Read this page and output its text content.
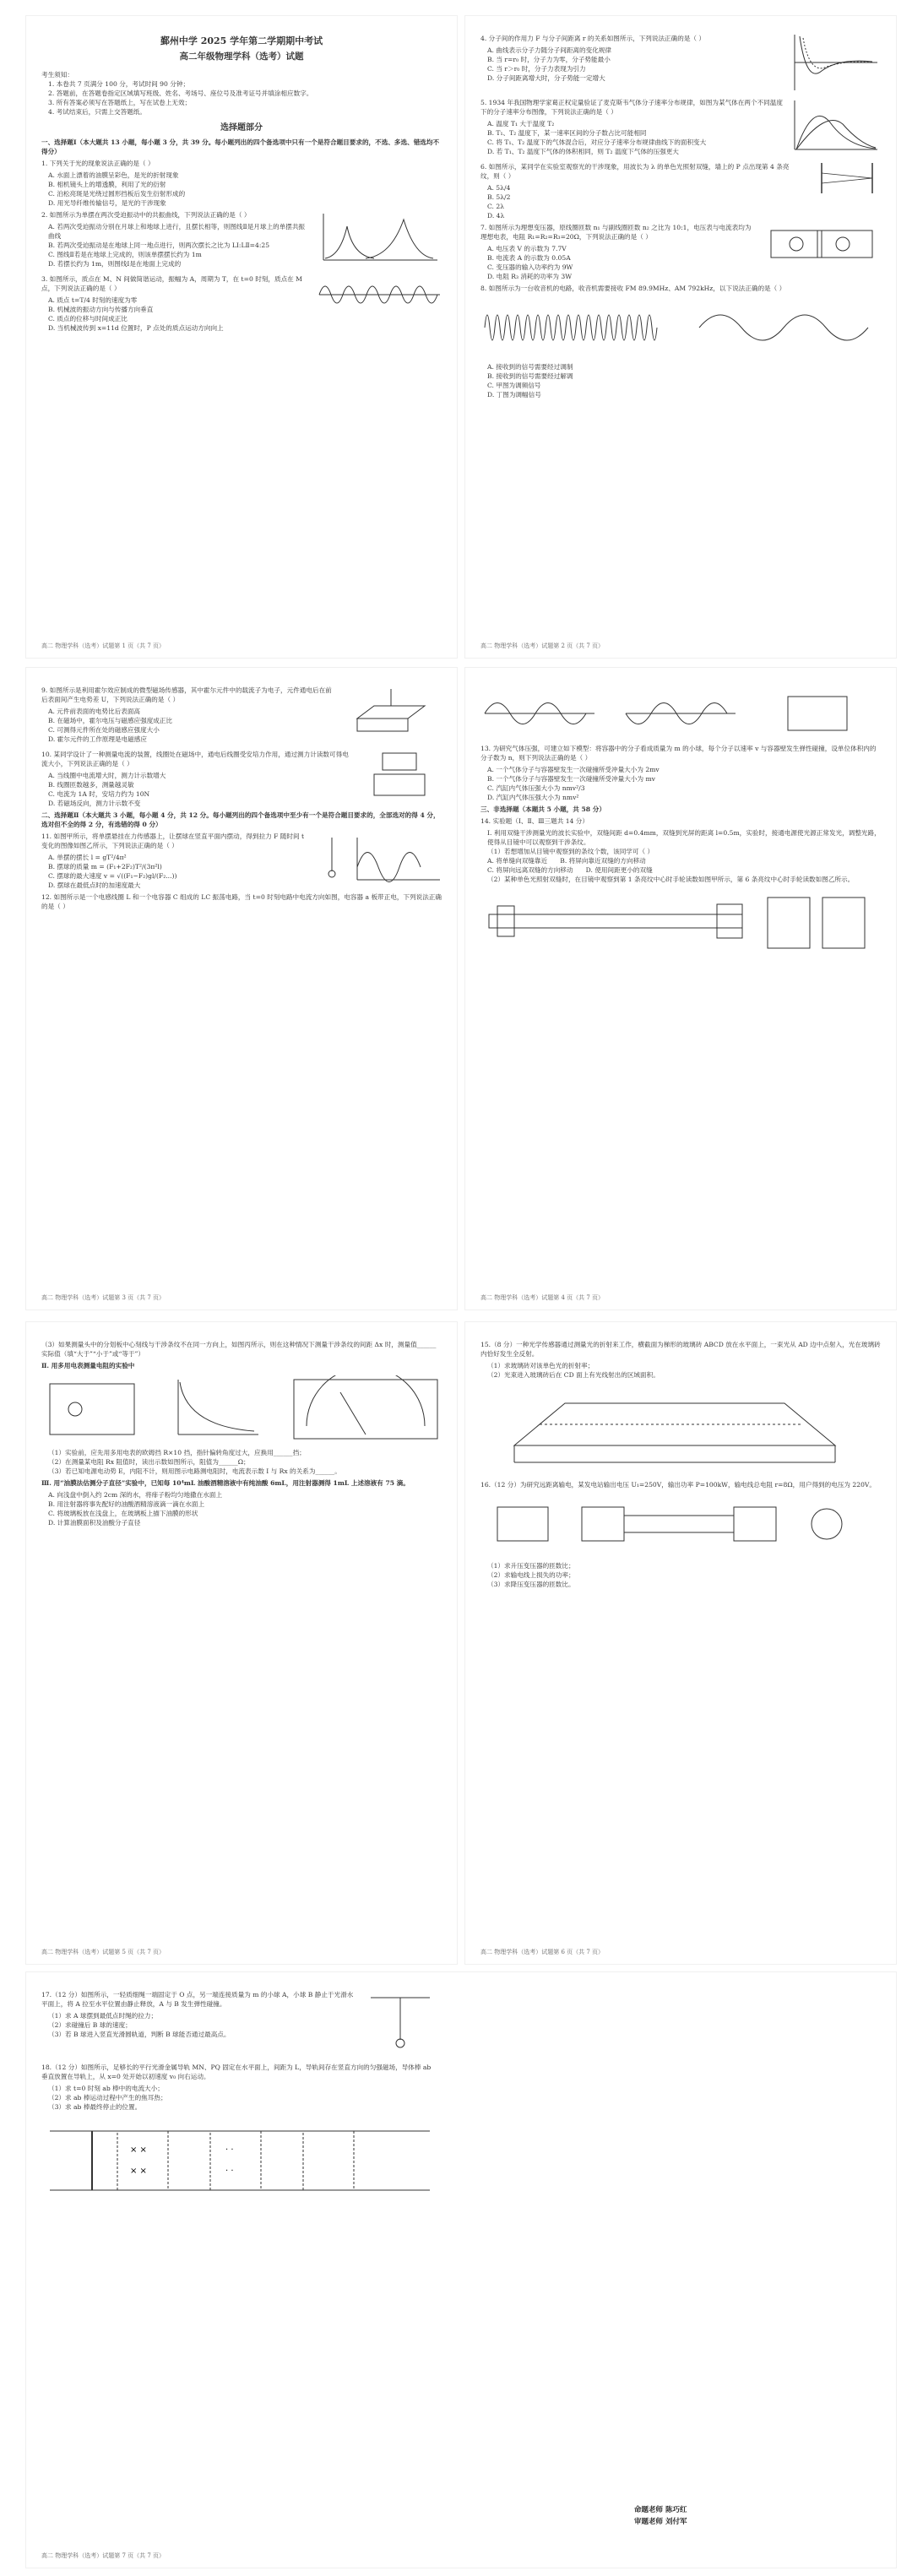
鄞州中学 2025 学年第二学期期中考试
高二年级物理学科（选考）试题
考生须知：
1. 本卷共 7 页满分 100 分，考试时间 90 分钟；
2. 答题前，在答题卷指定区域填写班级、姓名、考场号、座位号及准考证号并填涂相应数字。
3. 所有答案必须写在答题纸上，写在试卷上无效；
4. 考试结束后，只需上交答题纸。
选择题部分
一、选择题Ⅰ（本大题共 13 小题，每小题 3 分，共 39 分。每小题列出的四个备选项中只有一个是符合题目要求的，不选、多选、错选均不得分）
1. 下列关于光的现象说法正确的是（ ）
A. 水面上漂着的油膜呈彩色，是光的折射现象
B. 相机镜头上的增透膜，利用了光的衍射
C. 泊松亮斑是光绕过圆形挡板后发生衍射形成的
D. 用光导纤维传输信号，是光的干涉现象
2. 如图所示为单摆在两次受迫振动中的共振曲线，下列说法正确的是（ ）
A. 若两次受迫振动分别在月球上和地球上进行，且摆长相等，则图线Ⅱ是月球上的单摆共振曲线
B. 若两次受迫振动是在地球上同一地点进行，则两次摆长之比为 LⅠ:LⅡ=4:25
C. 图线Ⅱ若是在地球上完成的，则该单摆摆长约为 1m
D. 若摆长约为 1m，则图线Ⅰ是在地面上完成的
3. 如图所示，质点在 M、N 间做简谐运动，振幅为 A，周期为 T，在 t=0 时刻，质点在 M 点，下列说法正确的是（ ）
A. 质点 t=T/4 时刻的速度为零
B. 机械波的振动方向与传播方向垂直
C. 质点的位移与时间成正比
D. 当机械波传到 x=11d 位置时，P 点处的质点运动方向向上
高二 物理学科（选考）试题第 1 页（共 7 页）
4. 分子间的作用力 F 与分子间距离 r 的关系如图所示，下列说法正确的是（ ）
A. 曲线表示分子力随分子间距离的变化规律
B. 当 r=r₀ 时，分子力为零，分子势能最小
C. 当 r＞r₀ 时，分子力表现为引力
D. 分子间距离增大时，分子势能一定增大
5. 1934 年我国物理学家葛正权定量验证了麦克斯韦气体分子速率分布规律，如图为某气体在两个不同温度下的分子速率分布图像，下列说法正确的是（ ）
A. 温度 T₁ 大于温度 T₂
B. T₁、T₂ 温度下，某一速率区间的分子数占比可能相同
C. 将 T₁、T₂ 温度下的气体混合后，对应分子速率分布规律曲线下的面积变大
D. 若 T₁、T₂ 温度下气体的体积相同，则 T₂ 温度下气体的压强更大
6. 如图所示，某同学在实验室观察光的干涉现象，用波长为 λ 的单色光照射双缝，墙上的 P 点出现第 4 条亮纹，则（ ）
A. 5λ/4
B. 5λ/2
C. 2λ
D. 4λ
7. 如图所示为理想变压器，原线圈匝数 n₁ 与副线圈匝数 n₂ 之比为 10:1，电压表与电流表均为理想电表，电阻 R₁=R₂=R₃=20Ω，下列说法正确的是（ ）
A. 电压表 V 的示数为 7.7V
B. 电流表 A 的示数为 0.05A
C. 变压器的输入功率约为 9W
D. 电阻 R₃ 消耗的功率为 3W
8. 如图所示为一台收音机的电路，收音机需要接收 FM 89.9MHz、AM 792kHz，以下说法正确的是（ ）
A. 接收到的信号需要经过调制
B. 接收到的信号需要经过解调
C. 甲图为调频信号
D. 丁图为调幅信号
高二 物理学科（选考）试题第 2 页（共 7 页）
9. 如图所示是利用霍尔效应制成的微型磁场传感器，其中霍尔元件中的载流子为电子，元件通电后在前后表面间产生电势差 U，下列说法正确的是（ ）
A. 元件前表面的电势比后表面高
B. 在磁场中，霍尔电压与磁感应强度成正比
C. 可测得元件所在处的磁感应强度大小
D. 霍尔元件的工作原理是电磁感应
10. 某同学设计了一种测量电流的装置，线圈处在磁场中，通电后线圈受安培力作用，通过测力计读数可得电流大小，下列说法正确的是（ ）
A. 当线圈中电流增大时，测力计示数增大
B. 线圈匝数越多，测量越灵敏
C. 电流为 1A 时，安培力约为 10N
D. 若磁场反向，测力计示数不变
二、选择题Ⅱ（本大题共 3 小题，每小题 4 分，共 12 分。每小题列出的四个备选项中至少有一个是符合题目要求的，全部选对的得 4 分，选对但不全的得 2 分，有选错的得 0 分）
11. 如图甲所示，将单摆悬挂在力传感器上，让摆球在竖直平面内摆动，得到拉力 F 随时间 t 变化的图像如图乙所示，下列说法正确的是（ ）
A. 单摆的摆长 l = gT²/4π²
B. 摆球的质量 m = (F₁+2F₂)T²/(3π²l)
C. 摆球的最大速度 v = √((F₁−F₂)gl/(F₂...))
D. 摆球在最低点时的加速度最大
12. 如图所示是一个电感线圈 L 和一个电容器 C 组成的 LC 振荡电路，当 t=0 时刻电路中电流方向如图，电容器 a 板带正电，下列说法正确的是（ ）
高二 物理学科（选考）试题第 3 页（共 7 页）
13. 为研究气体压强，可建立如下模型：将容器中的分子看成质量为 m 的小球，每个分子以速率 v 与容器壁发生弹性碰撞，设单位体积内的分子数为 n，则下列说法正确的是（ ）
A. 一个气体分子与容器壁发生一次碰撞所受冲量大小为 2mv
B. 一个气体分子与容器壁发生一次碰撞所受冲量大小为 mv
C. 汽缸内气体压强大小为 nmv²/3
D. 汽缸内气体压强大小为 nmv²
三、非选择题（本题共 5 小题，共 58 分）
14. 实验题（Ⅰ、Ⅱ、Ⅲ三题共 14 分）
Ⅰ. 利用双缝干涉测量光的波长实验中，双缝间距 d=0.4mm，双缝到光屏的距离 l=0.5m，实验时，接通电源使光源正常发光，调整光路，使得从目镜中可以观察到干涉条纹。
（1）若想增加从目镜中观察到的条纹个数，该同学可（ ）
A. 将单缝向双缝靠近　　B. 将屏向靠近双缝的方向移动
C. 将屏向远离双缝的方向移动　　D. 使用间距更小的双缝
（2）某种单色光照射双缝时，在目镜中观察到第 1 条亮纹中心时手轮读数如图甲所示，第 6 条亮纹中心时手轮读数如图乙所示。
高二 物理学科（选考）试题第 4 页（共 7 页）
（3）如果测量头中的分划板中心刻线与干涉条纹不在同一方向上，如图丙所示，则在这种情况下测量干涉条纹的间距 Δx 时，测量值______实际值（填“大于”“小于”或“等于”）
Ⅱ. 用多用电表测量电阻的实验中
（1）实验前，应先用多用电表的欧姆挡 R×10 挡，指针偏转角度过大，应换用______挡；
（2）在测量某电阻 Rx 阻值时，读出示数如图所示，阻值为______Ω；
（3）若已知电源电动势 E，内阻不计，则用图示电路测电阻时，电流表示数 I 与 Rx 的关系为______。
Ⅲ. 用“油膜法估测分子直径”实验中，已知每 10⁴mL 油酸酒精溶液中有纯油酸 6mL，用注射器测得 1mL 上述溶液有 75 滴。
A. 向浅盘中倒入约 2cm 深的水，将痱子粉均匀地撒在水面上
B. 用注射器将事先配好的油酸酒精溶液滴一滴在水面上
C. 将玻璃板放在浅盘上，在玻璃板上描下油膜的形状
D. 计算油膜面积及油酸分子直径
高二 物理学科（选考）试题第 5 页（共 7 页）
15.（8 分）一种光学传感器通过测量光的折射来工作，横截面为梯形的玻璃砖 ABCD 放在水平面上，一束光从 AD 边中点射入，光在玻璃砖内恰好发生全反射。
（1）求玻璃砖对该单色光的折射率；
（2）光束进入玻璃砖后在 CD 面上有光线射出的区域面积。
16.（12 分）为研究远距离输电，某发电站输出电压 U₁=250V，输出功率 P=100kW，输电线总电阻 r=8Ω，用户得到的电压为 220V。
（1）求升压变压器的匝数比；
（2）求输电线上损失的功率；
（3）求降压变压器的匝数比。
高二 物理学科（选考）试题第 6 页（共 7 页）
17.（12 分）如图所示，一轻质细绳一端固定于 O 点，另一端连接质量为 m 的小球 A，小球 B 静止于光滑水平面上，将 A 拉至水平位置由静止释放，A 与 B 发生弹性碰撞。
（1）求 A 球摆到最低点时绳的拉力；
（2）求碰撞后 B 球的速度；
（3）若 B 球进入竖直光滑圆轨道，判断 B 球能否通过最高点。
18.（12 分）如图所示，足够长的平行光滑金属导轨 MN、PQ 固定在水平面上，间距为 L，导轨间存在竖直方向的匀强磁场，导体棒 ab 垂直放置在导轨上，从 x=0 处开始以初速度 v₀ 向右运动。
（1）求 t=0 时刻 ab 棒中的电流大小；
（2）求 ab 棒运动过程中产生的焦耳热；
（3）求 ab 棒最终停止的位置。
× ×
× ×
· ·
· ·
命题老师 陈巧红
审题老师 刘付军
高二 物理学科（选考）试题第 7 页（共 7 页）
